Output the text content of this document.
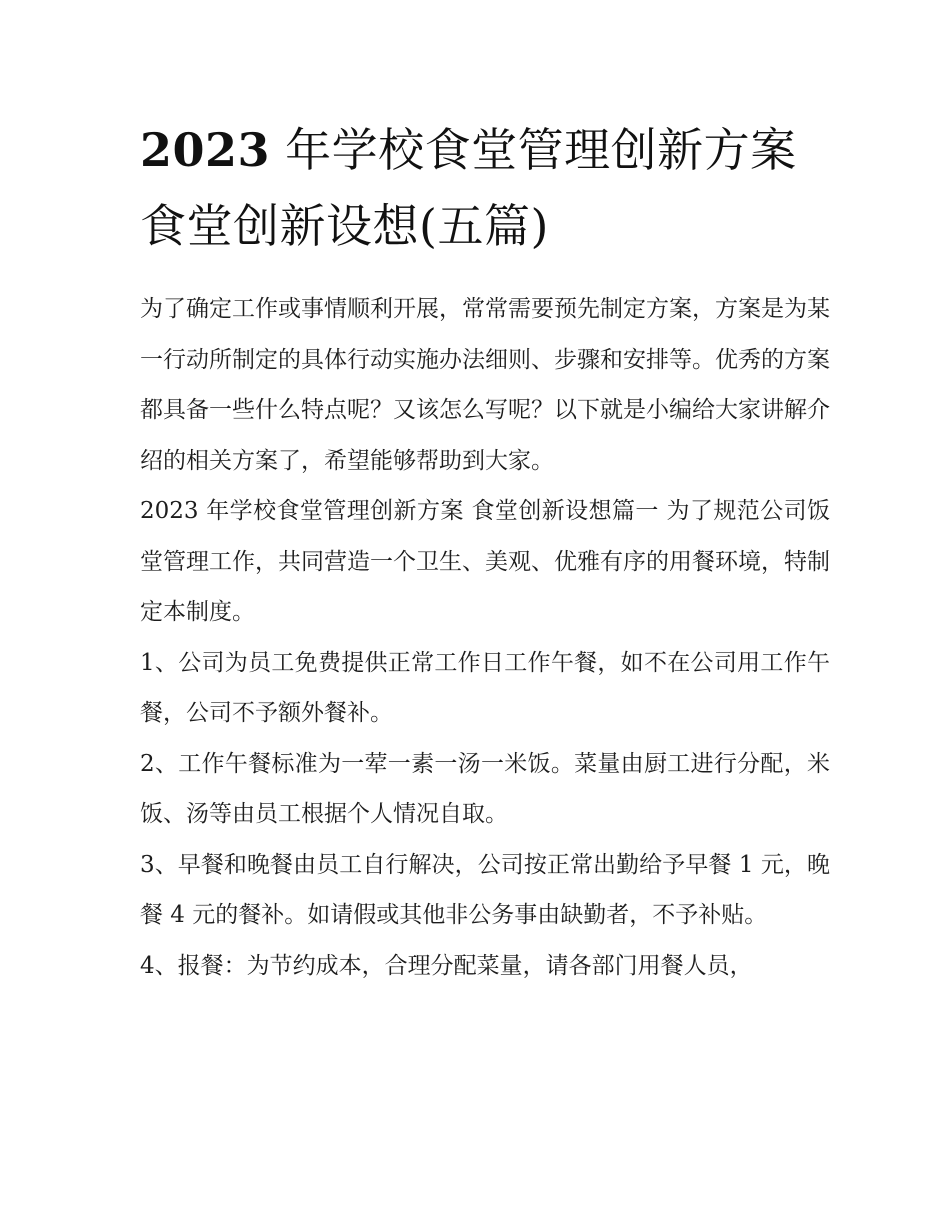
2023 年学校食堂管理创新方案
食堂创新设想(五篇)

为了确定工作或事情顺利开展，常常需要预先制定方案，方案是为某一行动所制定的具体行动实施办法细则、步骤和安排等。优秀的方案都具备一些什么特点呢？又该怎么写呢？以下就是小编给大家讲解介绍的相关方案了，希望能够帮助到大家。

2023 年学校食堂管理创新方案 食堂创新设想篇一 为了规范公司饭堂管理工作，共同营造一个卫生、美观、优雅有序的用餐环境，特制定本制度。

1、公司为员工免费提供正常工作日工作午餐，如不在公司用工作午餐，公司不予额外餐补。

2、工作午餐标准为一荤一素一汤一米饭。菜量由厨工进行分配，米饭、汤等由员工根据个人情况自取。

3、早餐和晚餐由员工自行解决，公司按正常出勤给予早餐 1 元，晚餐 4 元的餐补。如请假或其他非公务事由缺勤者，不予补贴。

4、报餐：为节约成本，合理分配菜量，请各部门用餐人员，
